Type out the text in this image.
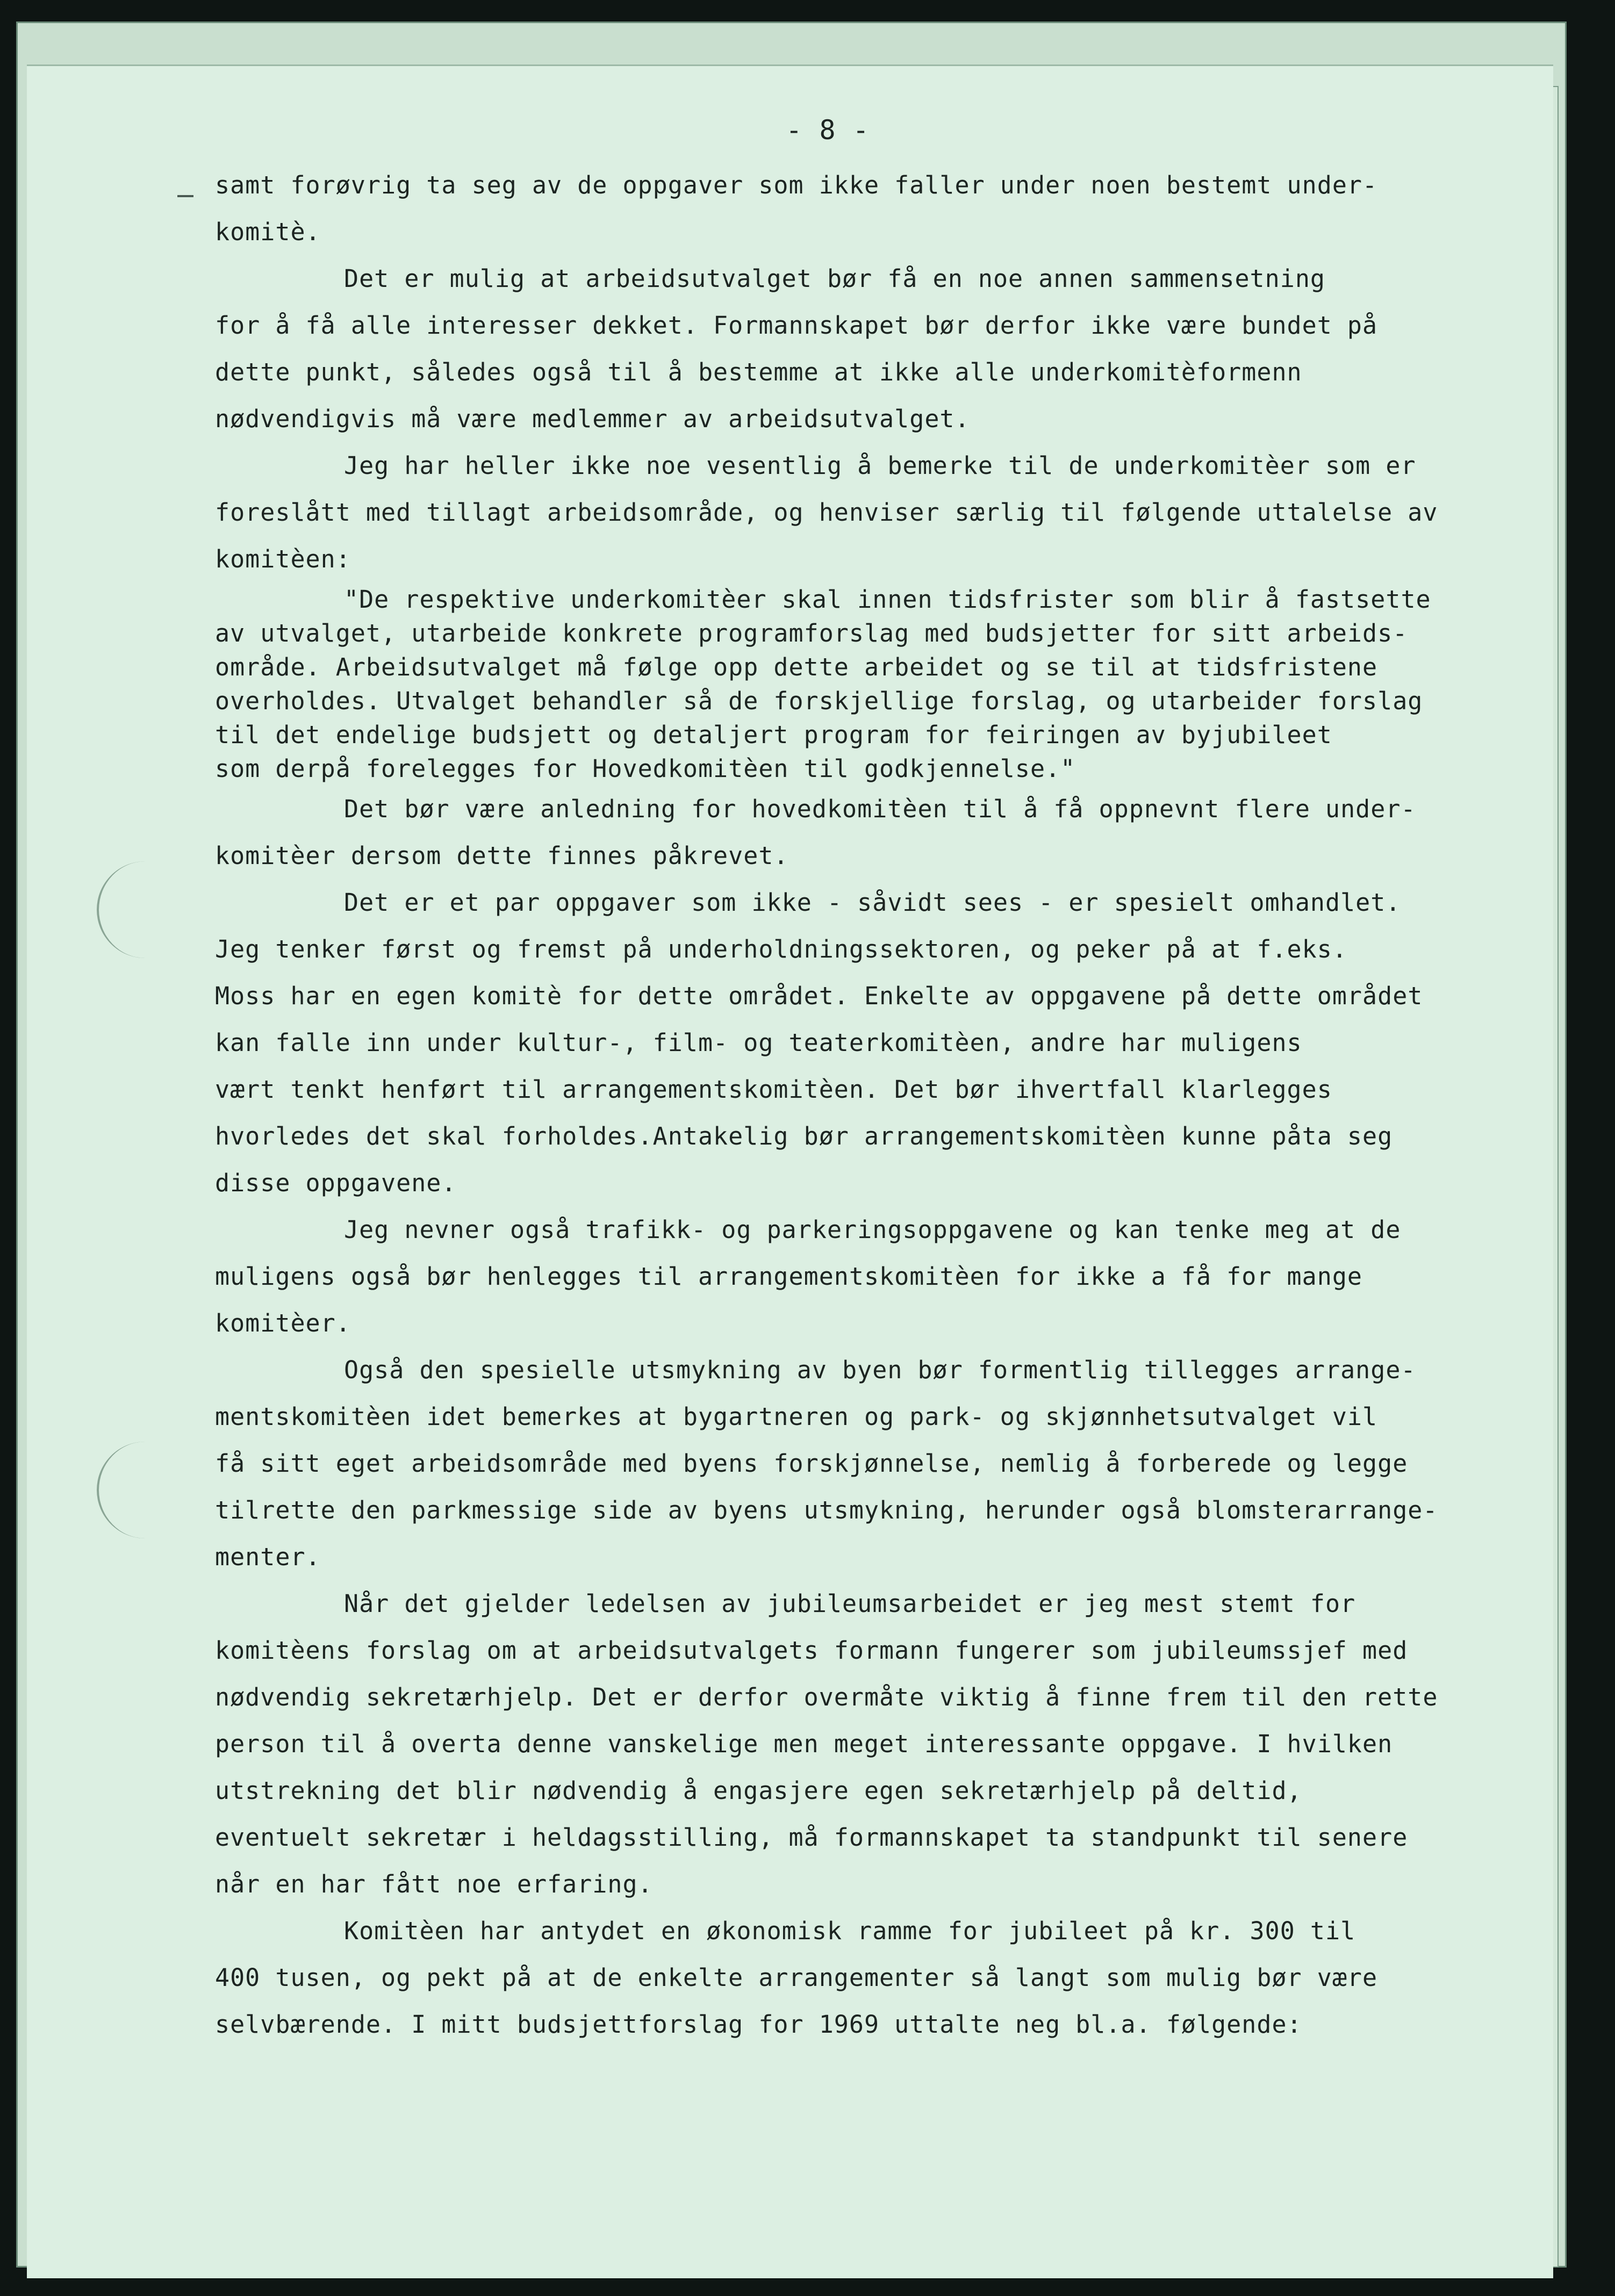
- 8 -

samt forøvrig ta seg av de oppgaver som ikke faller under noen bestemt under-
komitè.

Det er mulig at arbeidsutvalget bør få en noe annen sammensetning
for å få alle interesser dekket. Formannskapet bør derfor ikke være bundet på
dette punkt, således også til å bestemme at ikke alle underkomitèformenn
nødvendigvis må være medlemmer av arbeidsutvalget.

Jeg har heller ikke noe vesentlig å bemerke til de underkomitèer som er
foreslått med tillagt arbeidsområde, og henviser særlig til følgende uttalelse av
komitèen:

"De respektive underkomitèer skal innen tidsfrister som blir å fastsette
av utvalget, utarbeide konkrete programforslag med budsjetter for sitt arbeids-
område. Arbeidsutvalget må følge opp dette arbeidet og se til at tidsfristene
overholdes. Utvalget behandler så de forskjellige forslag, og utarbeider forslag
til det endelige budsjett og detaljert program for feiringen av byjubileet
som derpå forelegges for Hovedkomitèen til godkjennelse."

Det bør være anledning for hovedkomitèen til å få oppnevnt flere under-
komitèer dersom dette finnes påkrevet.

Det er et par oppgaver som ikke - såvidt sees - er spesielt omhandlet.
Jeg tenker først og fremst på underholdningssektoren, og peker på at f.eks.
Moss har en egen komitè for dette området. Enkelte av oppgavene på dette området
kan falle inn under kultur-, film- og teaterkomitèen, andre har muligens
vært tenkt henført til arrangementskomitèen. Det bør ihvertfall klarlegges
hvorledes det skal forholdes.Antakelig bør arrangementskomitèen kunne påta seg
disse oppgavene.

Jeg nevner også trafikk- og parkeringsoppgavene og kan tenke meg at de
muligens også bør henlegges til arrangementskomitèen for ikke a få for mange
komitèer.

Også den spesielle utsmykning av byen bør formentlig tillegges arrange-
mentskomitèen idet bemerkes at bygartneren og park- og skjønnhetsutvalget vil
få sitt eget arbeidsområde med byens forskjønnelse, nemlig å forberede og legge
tilrette den parkmessige side av byens utsmykning, herunder også blomsterarrange-
menter.

Når det gjelder ledelsen av jubileumsarbeidet er jeg mest stemt for
komitèens forslag om at arbeidsutvalgets formann fungerer som jubileumssjef med
nødvendig sekretærhjelp. Det er derfor overmåte viktig å finne frem til den rette
person til å overta denne vanskelige men meget interessante oppgave. I hvilken
utstrekning det blir nødvendig å engasjere egen sekretærhjelp på deltid,
eventuelt sekretær i heldagsstilling, må formannskapet ta standpunkt til senere
når en har fått noe erfaring.

Komitèen har antydet en økonomisk ramme for jubileet på kr. 300 til
400 tusen, og pekt på at de enkelte arrangementer så langt som mulig bør være
selvbærende. I mitt budsjettforslag for 1969 uttalte neg bl.a. følgende:
